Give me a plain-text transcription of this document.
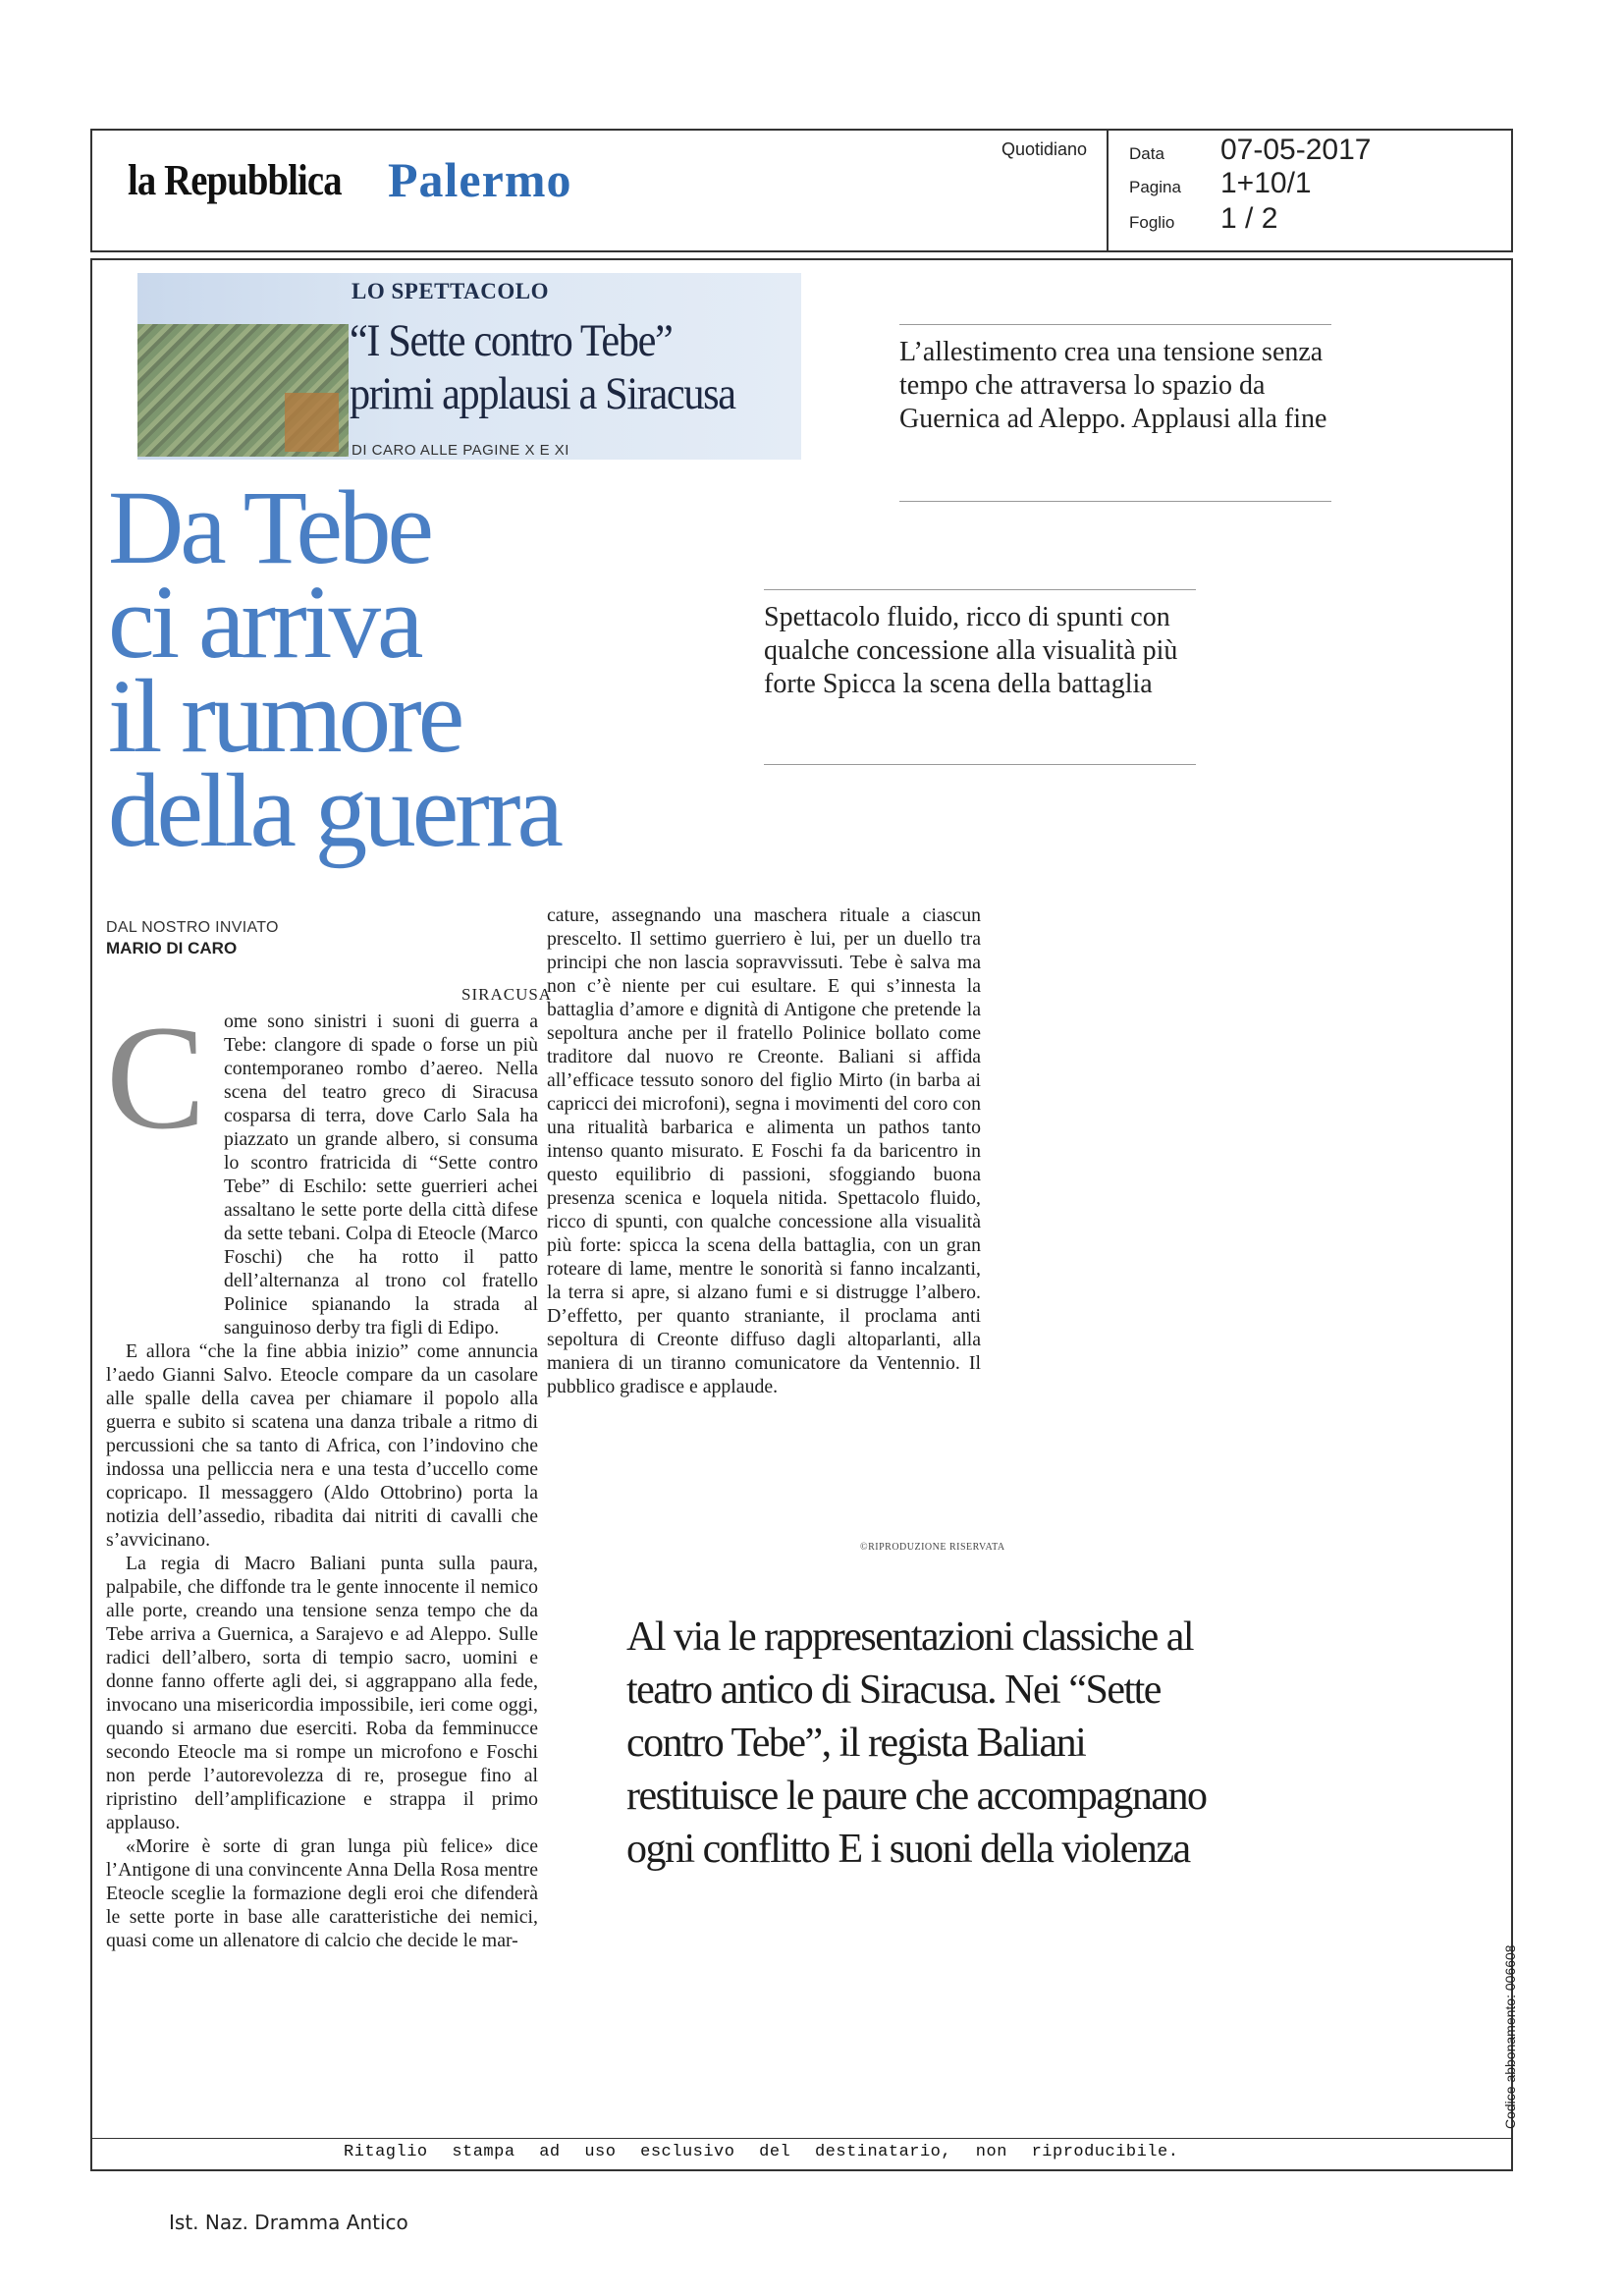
la Repubblica Palermo
Quotidiano	Data 07-05-2017
Pagina 1+10/1
Foglio 1 / 2
LO SPETTACOLO
“I Sette contro Tebe”
primi applausi a Siracusa
DI CARO ALLE PAGINE X E XI
Da Tebe
ci arriva
il rumore
della guerra
L’allestimento crea una tensione senza tempo che attraversa lo spazio da Guernica ad Aleppo. Applausi alla fine
Spettacolo fluido, ricco di spunti con qualche concessione alla visualità più forte Spicca la scena della battaglia
DAL NOSTRO INVIATO
MARIO DI CARO
SIRACUSA
C ome sono sinistri i suoni di guerra a Tebe: clangore di spade o forse un più contemporaneo rombo d’aereo. Nella scena del teatro greco di Siracusa cosparsa di terra, dove Carlo Sala ha piazzato un grande albero, si consuma lo scontro fratricida di “Sette contro Tebe” di Eschilo: sette guerrieri achei assaltano le sette porte della città difese da sette tebani. Colpa di Eteocle (Marco Foschi) che ha rotto il patto dell’alternanza al trono col fratello Polinice spianando la strada al sanguinoso derby tra figli di Edipo.

E allora “che la fine abbia inizio” come annuncia l’aedo Gianni Salvo. Eteocle compare da un casolare alle spalle della cavea per chiamare il popolo alla guerra e subito si scatena una danza tribale a ritmo di percussioni che sa tanto di Africa, con l’indovino che indossa una pelliccia nera e una testa d’uccello come copricapo. Il messaggero (Aldo Ottobrino) porta la notizia dell’assedio, ribadita dai nitriti di cavalli che s’avvicinano.

La regia di Macro Baliani punta sulla paura, palpabile, che diffonde tra le gente innocente il nemico alle porte, creando una tensione senza tempo che da Tebe arriva a Guernica, a Sarajevo e ad Aleppo. Sulle radici dell’albero, sorta di tempio sacro, uomini e donne fanno offerte agli dei, si aggrappano alla fede, invocano una misericordia impossibile, ieri come oggi, quando si armano due eserciti. Roba da femminucce secondo Eteocle ma si rompe un microfono e Foschi non perde l’autorevolezza di re, prosegue fino al ripristino dell’amplificazione e strappa il primo applauso.

«Morire è sorte di gran lunga più felice» dice l’Antigone di una convincente Anna Della Rosa mentre Eteocle sceglie la formazione degli eroi che difenderà le sette porte in base alle caratteristiche dei nemici, quasi come un allenatore di calcio che decide le mar-

cature, assegnando una maschera rituale a ciascun prescelto. Il settimo guerriero è lui, per un duello tra principi che non lascia sopravvissuti. Tebe è salva ma non c’è niente per cui esultare. E qui s’innesta la battaglia d’amore e dignità di Antigone che pretende la sepoltura anche per il fratello Polinice bollato come traditore dal nuovo re Creonte. Baliani si affida all’efficace tessuto sonoro del figlio Mirto (in barba ai capricci dei microfoni), segna i movimenti del coro con una ritualità barbarica e alimenta un pathos tanto intenso quanto misurato. E Foschi fa da baricentro in questo equilibrio di passioni, sfoggiando buona presenza scenica e loquela nitida. Spettacolo fluido, ricco di spunti, con qualche concessione alla visualità più forte: spicca la scena della battaglia, con un gran roteare di lame, mentre le sonorità si fanno incalzanti, la terra si apre, si alzano fumi e si distrugge l’albero. D’effetto, per quanto straniante, il proclama anti sepoltura di Creonte diffuso dagli altoparlanti, alla maniera di un tiranno comunicatore da Ventennio. Il pubblico gradisce e applaude.

©RIPRODUZIONE RISERVATA
Al via le rappresentazioni classiche al teatro antico di Siracusa. Nei “Sette contro Tebe”, il regista Baliani restituisce le paure che accompagnano ogni conflitto E i suoni della violenza
Ritaglio stampa ad uso esclusivo del destinatario, non riproducibile.
Codice abbonamento: 006608
Ist. Naz. Dramma Antico
